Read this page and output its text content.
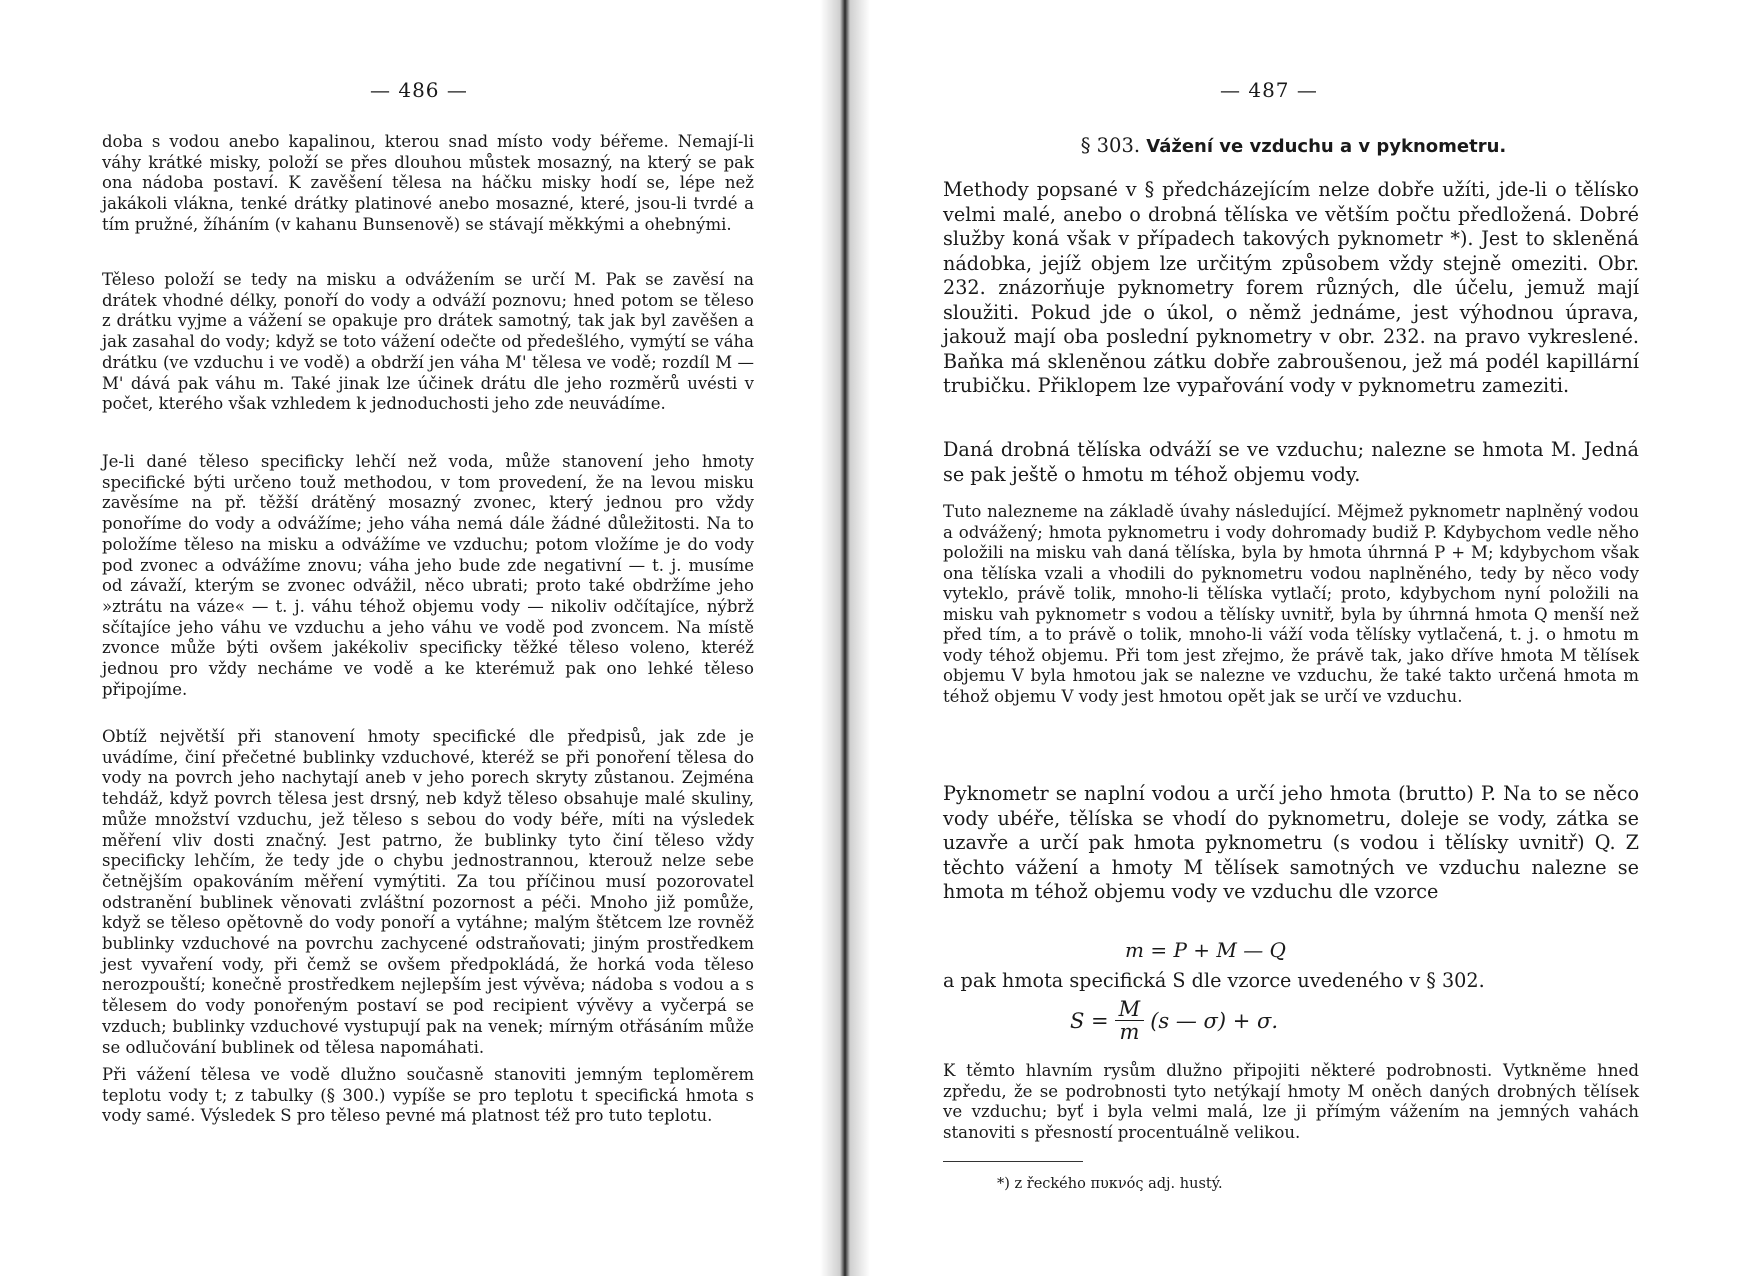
— 486 —
doba s vodou anebo kapalinou, kterou snad místo vody béřeme. Nemají-li váhy krátké misky, položí se přes dlouhou můstek mosazný, na který se pak ona nádoba postaví. K zavěšení tělesa na háčku misky hodí se, lépe než jakákoli vlákna, tenké drátky platinové anebo mosazné, které, jsou-li tvrdé a tím pružné, žíháním (v kahanu Bunsenově) se stávají měkkými a ohebnými.
Těleso položí se tedy na misku a odvážením se určí M. Pak se zavěsí na drátek vhodné délky, ponoří do vody a odváží poznovu; hned potom se těleso z drátku vyjme a vážení se opakuje pro drátek samotný, tak jak byl zavěšen a jak zasahal do vody; když se toto vážení odečte od předešlého, vymýtí se váha drátku (ve vzduchu i ve vodě) a obdrží jen váha M' tělesa ve vodě; rozdíl M — M' dává pak váhu m. Také jinak lze účinek drátu dle jeho rozměrů uvésti v počet, kterého však vzhledem k jednoduchosti jeho zde neuvádíme.
Je-li dané těleso specificky lehčí než voda, může stanovení jeho hmoty specifické býti určeno touž methodou, v tom provedení, že na levou misku zavěsíme na př. těžší drátěný mosazný zvonec, který jednou pro vždy ponoříme do vody a odvážíme; jeho váha nemá dále žádné důležitosti. Na to položíme těleso na misku a odvážíme ve vzduchu; potom vložíme je do vody pod zvonec a odvážíme znovu; váha jeho bude zde negativní — t. j. musíme od závaží, kterým se zvonec odvážil, něco ubrati; proto také obdržíme jeho »ztrátu na váze« — t. j. váhu téhož objemu vody — nikoliv odčítajíce, nýbrž sčítajíce jeho váhu ve vzduchu a jeho váhu ve vodě pod zvoncem. Na místě zvonce může býti ovšem jakékoliv specificky těžké těleso voleno, kteréž jednou pro vždy necháme ve vodě a ke kterémuž pak ono lehké těleso připojíme.
Obtíž největší při stanovení hmoty specifické dle předpisů, jak zde je uvádíme, činí přečetné bublinky vzduchové, kteréž se při ponoření tělesa do vody na povrch jeho nachytají aneb v jeho porech skryty zůstanou. Zejména tehdáž, když povrch tělesa jest drsný, neb když těleso obsahuje malé skuliny, může množství vzduchu, jež těleso s sebou do vody béře, míti na výsledek měření vliv dosti značný. Jest patrno, že bublinky tyto činí těleso vždy specificky lehčím, že tedy jde o chybu jednostrannou, kterouž nelze sebe četnějším opakováním měření vymýtiti. Za tou příčinou musí pozorovatel odstranění bublinek věnovati zvláštní pozornost a péči. Mnoho již pomůže, když se těleso opětovně do vody ponoří a vytáhne; malým štětcem lze rovněž bublinky vzduchové na povrchu zachycené odstraňovati; jiným prostředkem jest vyvaření vody, při čemž se ovšem předpokládá, že horká voda těleso nerozpouští; konečně prostředkem nejlepším jest vývěva; nádoba s vodou a s tělesem do vody ponořeným postaví se pod recipient vývěvy a vyčerpá se vzduch; bublinky vzduchové vystupují pak na venek; mírným otřásáním může se odlučování bublinek od tělesa napomáhati.
Při vážení tělesa ve vodě dlužno současně stanoviti jemným teploměrem teplotu vody t; z tabulky (§ 300.) vypíše se pro teplotu t specifická hmota s vody samé. Výsledek S pro těleso pevné má platnost též pro tuto teplotu.
— 487 —
§ 303. Vážení ve vzduchu a v pyknometru.
Methody popsané v § předcházejícím nelze dobře užíti, jde-li o tělísko velmi malé, anebo o drobná tělíska ve větším počtu předložená. Dobré služby koná však v případech takových pyknometr *). Jest to skleněná nádobka, jejíž objem lze určitým způsobem vždy stejně omeziti. Obr. 232. znázorňuje pyknometry forem různých, dle účelu, jemuž mají sloužiti. Pokud jde o úkol, o němž jednáme, jest výhodnou úprava, jakouž mají oba poslední pyknometry v obr. 232. na pravo vykreslené. Baňka má skleněnou zátku dobře zabroušenou, jež má podél kapillární trubičku. Přiklopem lze vypařování vody v pyknometru zameziti.
Daná drobná tělíska odváží se ve vzduchu; nalezne se hmota M. Jedná se pak ještě o hmotu m téhož objemu vody.
Tuto nalezneme na základě úvahy následující. Mějmež pyknometr naplněný vodou a odvážený; hmota pyknometru i vody dohromady budiž P. Kdybychom vedle něho položili na misku vah daná tělíska, byla by hmota úhrnná P + M; kdybychom však ona tělíska vzali a vhodili do pyknometru vodou naplněného, tedy by něco vody vyteklo, právě tolik, mnoho-li tělíska vytlačí; proto, kdybychom nyní položili na misku vah pyknometr s vodou a tělísky uvnitř, byla by úhrnná hmota Q menší než před tím, a to právě o tolik, mnoho-li váží voda tělísky vytlačená, t. j. o hmotu m vody téhož objemu. Při tom jest zřejmo, že právě tak, jako dříve hmota M tělísek objemu V byla hmotou jak se nalezne ve vzduchu, že také takto určená hmota m téhož objemu V vody jest hmotou opět jak se určí ve vzduchu.
Pyknometr se naplní vodou a určí jeho hmota (brutto) P. Na to se něco vody ubéře, tělíska se vhodí do pyknometru, doleje se vody, zátka se uzavře a určí pak hmota pyknometru (s vodou i tělísky uvnitř) Q. Z těchto vážení a hmoty M tělísek samotných ve vzduchu nalezne se hmota m téhož objemu vody ve vzduchu dle vzorce
m = P + M — Q
a pak hmota specifická S dle vzorce uvedeného v § 302.
$S = \frac{M}{m} (s$ — σ) + σ.
K těmto hlavním rysům dlužno připojiti některé podrobnosti. Vytkněme hned zpředu, že se podrobnosti tyto netýkají hmoty M oněch daných drobných tělísek ve vzduchu; byť i byla velmi malá, lze ji přímým vážením na jemných vahách stanoviti s přesností procentuálně velikou.
*) z řeckého πυκνός adj. hustý.
